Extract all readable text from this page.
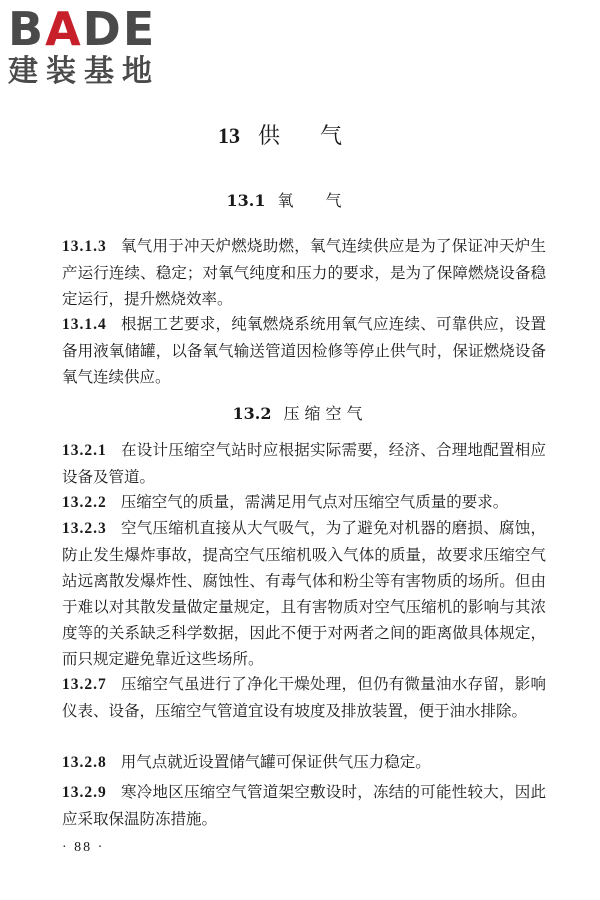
BADE

建装基地

13 供气
13.1 氧气

13.1.3 氧气用于冲天炉燃烧助燃，氧气连续供应是为了保证冲天炉生产运行连续、稳定；对氧气纯度和压力的要求，是为了保障燃烧设备稳定运行，提升燃烧效率。

13.1.4 根据工艺要求，纯氧燃烧系统用氧气应连续、可靠供应，设置备用液氧储罐，以备氧气输送管道因检修等停止供气时，保证燃烧设备氧气连续供应。

13.2 压缩空气

13.2.1 在设计压缩空气站时应根据实际需要，经济、合理地配置相应设备及管道。

13.2.2 压缩空气的质量，需满足用气点对压缩空气质量的要求。

13.2.3 空气压缩机直接从大气吸气，为了避免对机器的磨损、腐蚀，防止发生爆炸事故，提高空气压缩机吸入气体的质量，故要求压缩空气站远离散发爆炸性、腐蚀性、有毒气体和粉尘等有害物质的场所。但由于难以对其散发量做定量规定，且有害物质对空气压缩机的影响与其浓度等的关系缺乏科学数据，因此不便于对两者之间的距离做具体规定，而只规定避免靠近这些场所。

13.2.7 压缩空气虽进行了净化干燥处理，但仍有微量油水存留，影响仪表、设备，压缩空气管道宜设有坡度及排放装置，便于油水排除。

13.2.8 用气点就近设置储气罐可保证供气压力稳定。

13.2.9 寒冷地区压缩空气管道架空敷设时，冻结的可能性较大，因此应采取保温防冻措施。

· 88 ·
